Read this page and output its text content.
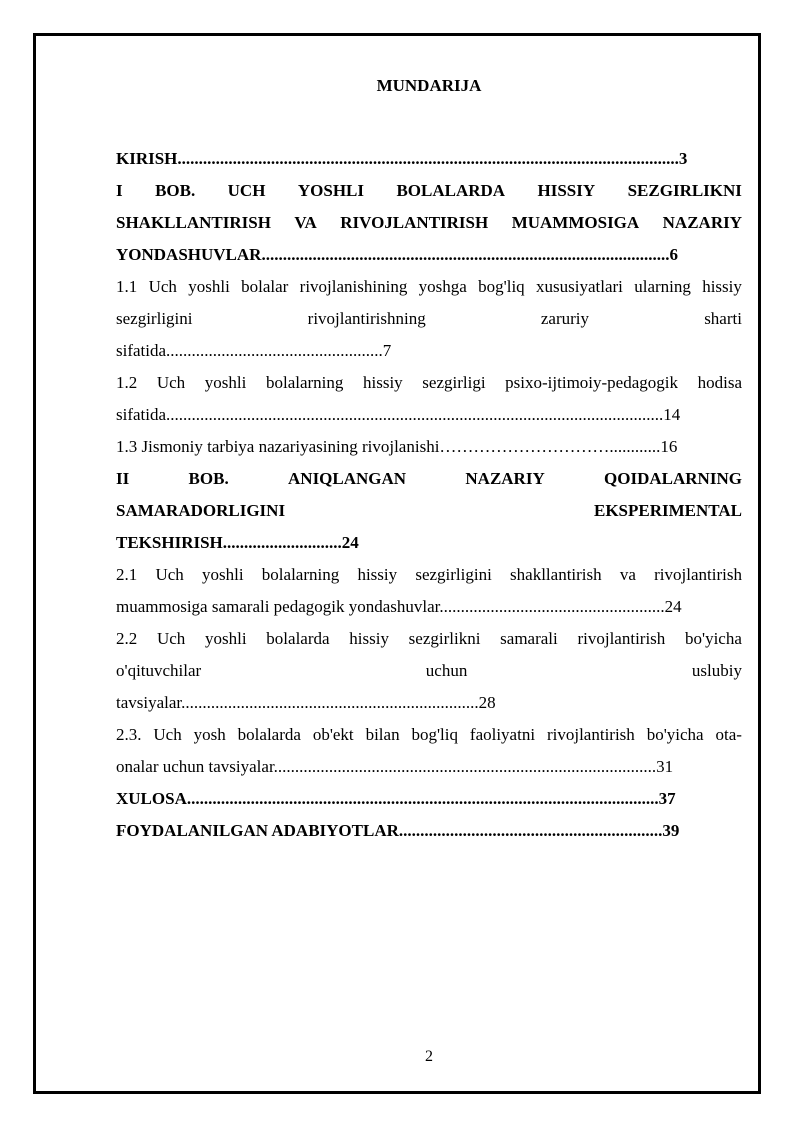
MUNDARIJA
KIRISH......................................................................................................................3
I BOB. UCH YOSHLI BOLALARDA HISSIY SEZGIRLIKNI
SHAKLLANTIRISH VA RIVOJLANTIRISH MUAMMOSIGA NAZARIY
YONDASHUVLAR................................................................................................6
1.1 Uch yoshli bolalar rivojlanishining yoshga bog'liq xususiyatlari ularning hissiy
sezgirligini	rivojlantirishning	zaruriy	sharti
sifatida...................................................7
1.2 Uch yoshli bolalarning hissiy sezgirligi psixo-ijtimoiy-pedagogik hodisa
sifatida.....................................................................................................................14
1.3 Jismoniy tarbiya nazariyasining rivojlanishi…………………………............16
II	BOB.	ANIQLANGAN	NAZARIY	QOIDALARNING
SAMARADORLIGINI	EKSPERIMENTAL
TEKSHIRISH............................24
2.1 Uch yoshli bolalarning hissiy sezgirligini shakllantirish va rivojlantirish
muammosiga samarali pedagogik yondashuvlar.....................................................24
2.2 Uch yoshli bolalarda hissiy sezgirlikni samarali rivojlantirish bo'yicha
o'qituvchilar	uchun	uslubiy
tavsiyalar......................................................................28
2.3. Uch yosh bolalarda ob'ekt bilan bog'liq faoliyatni rivojlantirish bo'yicha ota-
onalar uchun tavsiyalar..........................................................................................31
XULOSA...............................................................................................................37
FOYDALANILGAN ADABIYOTLAR..............................................................39
2
